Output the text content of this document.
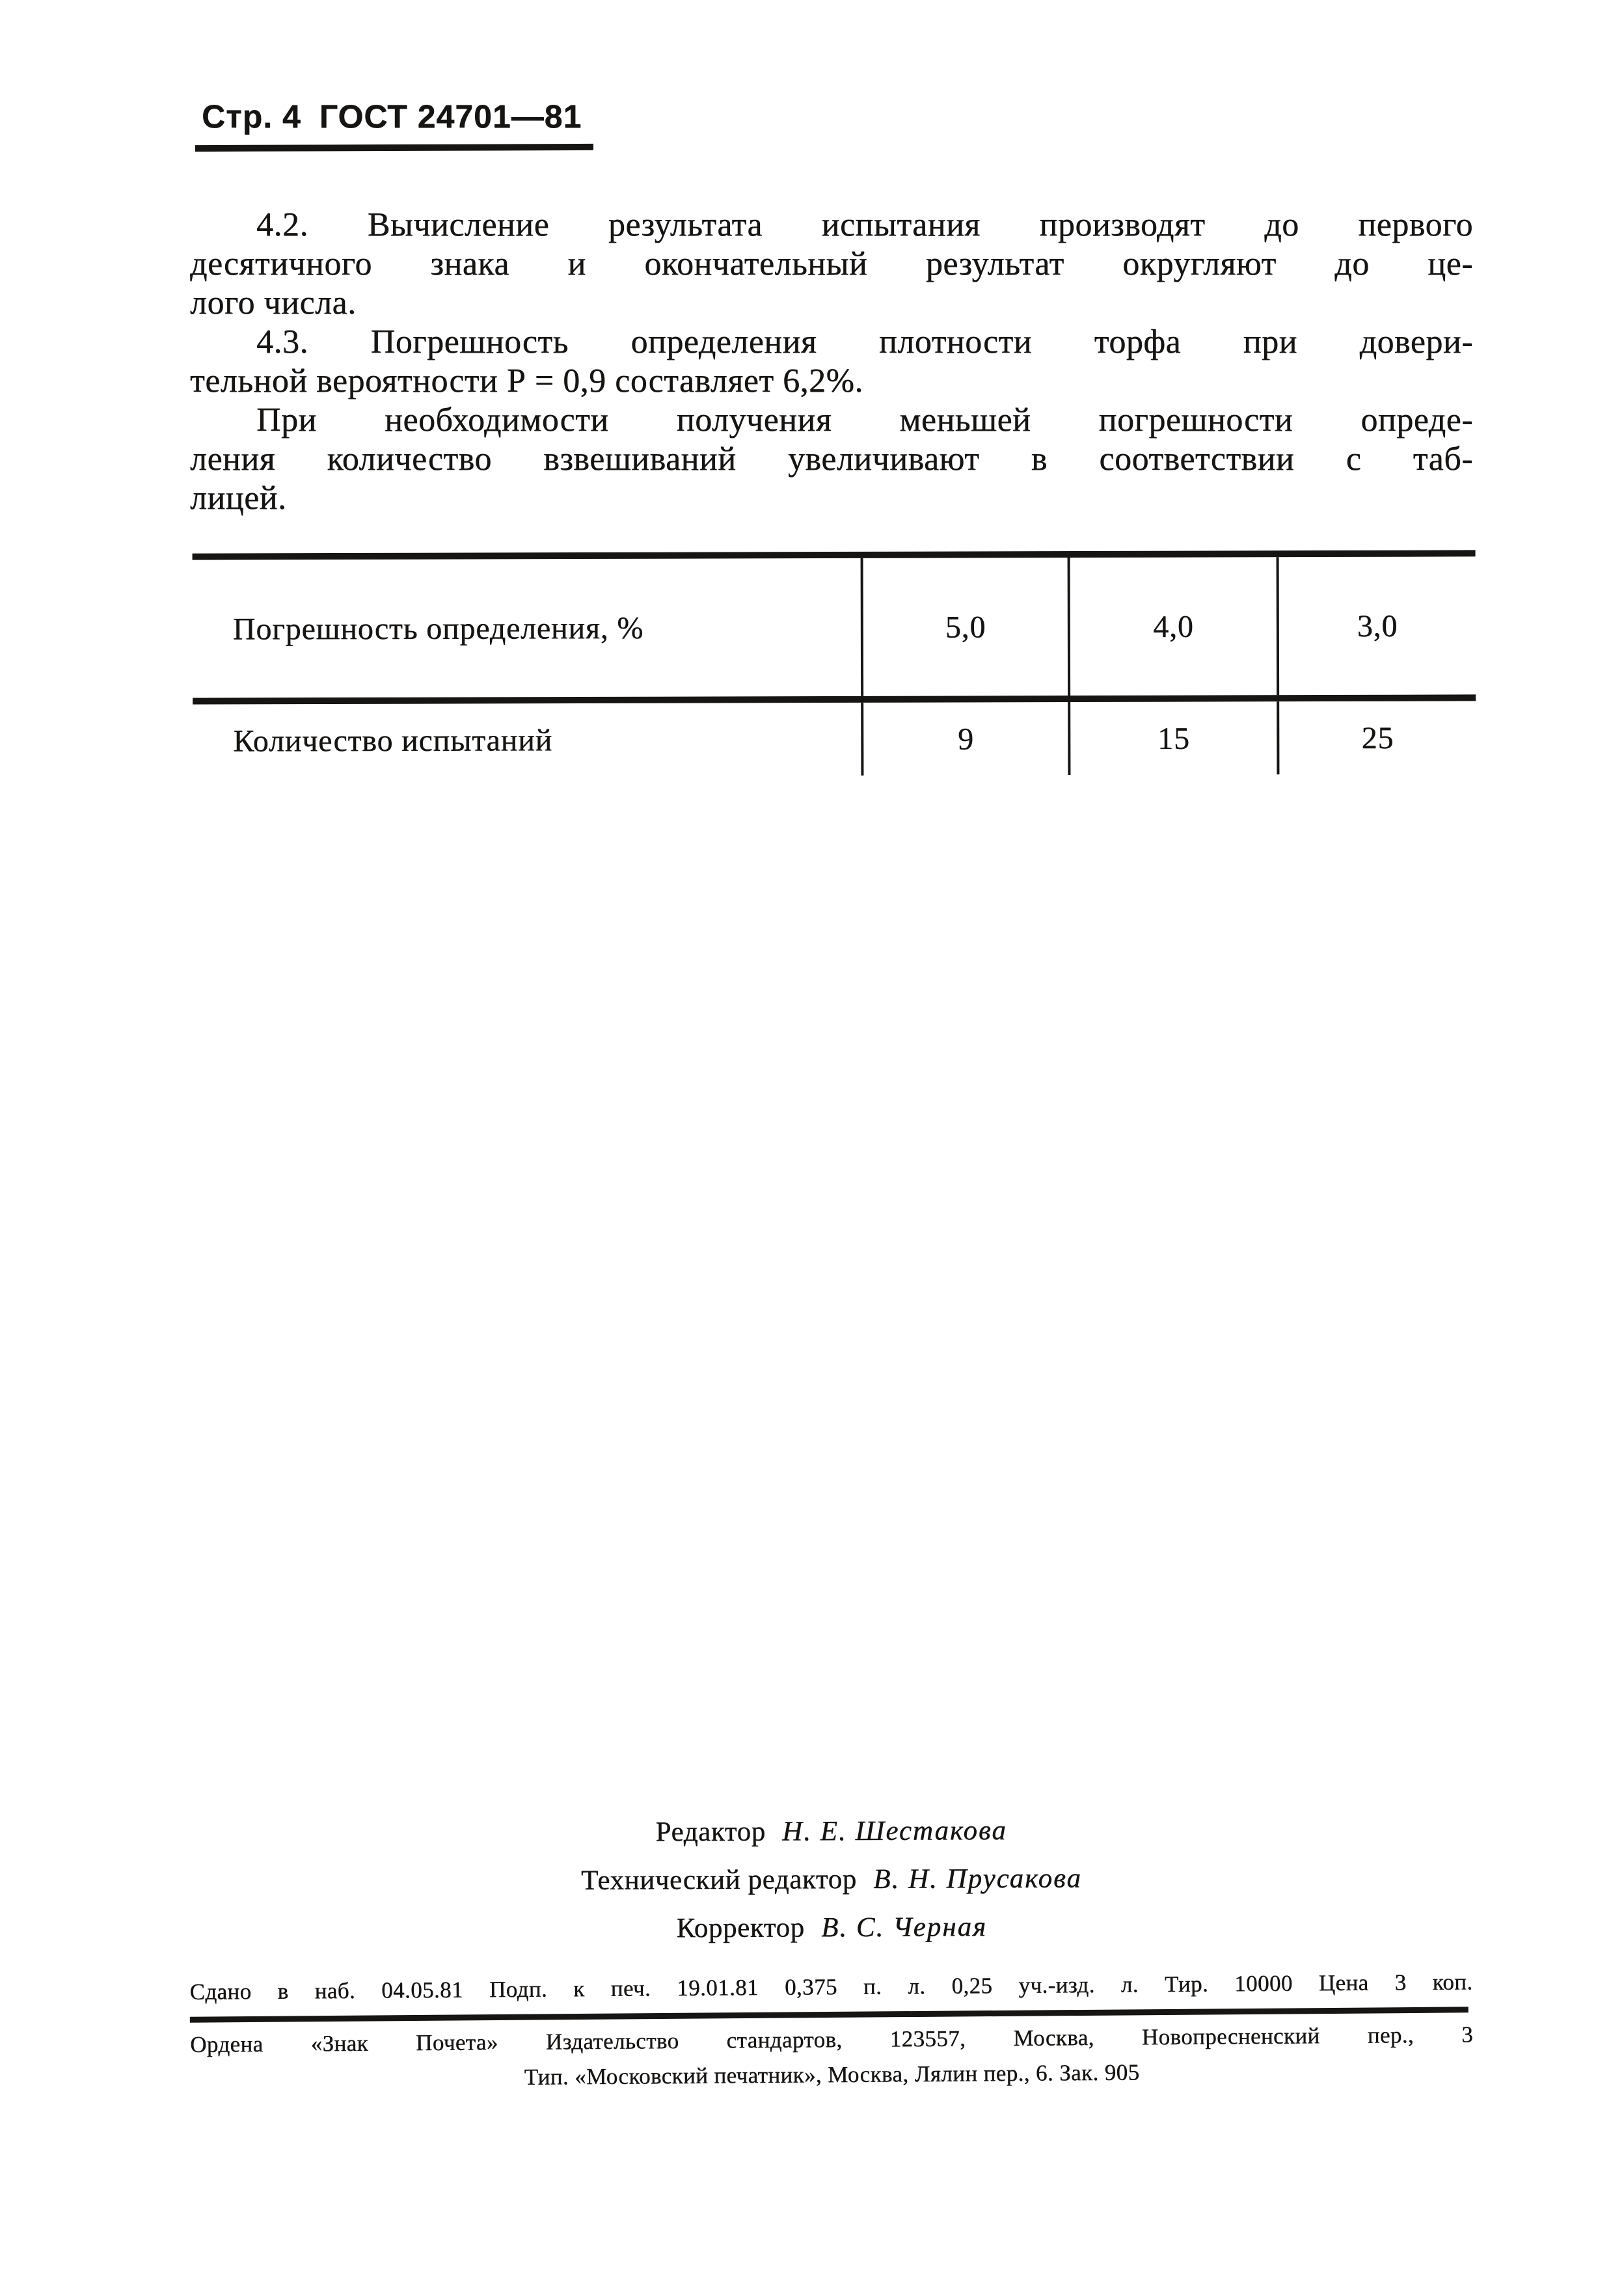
Стр. 4 ГОСТ 24701—81

4.2. Вычисление результата испытания производят до первого

десятичного знака и окончательный результат округляют до це-

лого числа.

4.3. Погрешность определения плотности торфа при довери-

тельной вероятности Р = 0,9 составляет 6,2%.

При необходимости получения меньшей погрешности опреде-

ления количество взвешиваний увеличивают в соответствии с таб-

лицей.

Погрешность определения, %	5,0	4,0	3,0
Количество испытаний	9	15	25

Редактор Н. Е. Шестакова

Технический редактор В. Н. Прусакова

Корректор В. С. Черная

Сдано в наб. 04.05.81 Подп. к печ. 19.01.81 0,375 п. л. 0,25 уч.-изд. л. Тир. 10000 Цена 3 коп.

Ордена «Знак Почета» Издательство стандартов, 123557, Москва, Новопресненский пер., 3

Тип. «Московский печатник», Москва, Лялин пер., 6. Зак. 905
